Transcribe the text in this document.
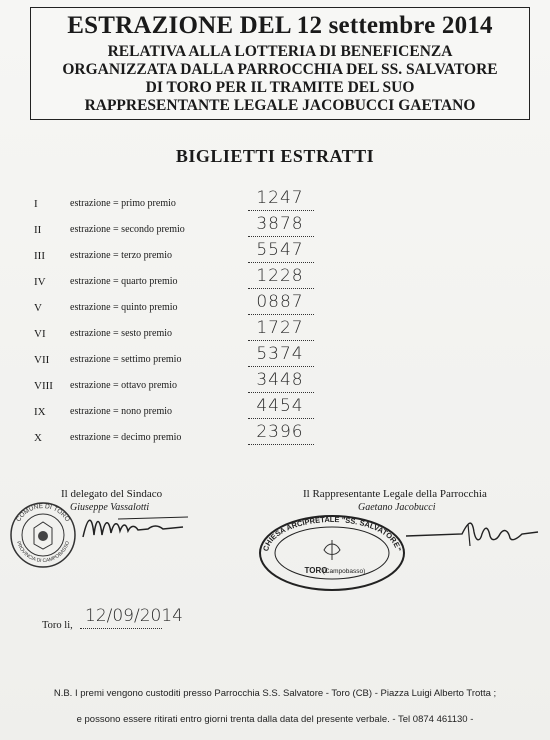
ESTRAZIONE DEL 12 settembre 2014
RELATIVA ALLA LOTTERIA DI BENEFICENZA
ORGANIZZATA DALLA PARROCCHIA DEL SS. SALVATORE
DI TORO PER IL TRAMITE DEL SUO
RAPPRESENTANTE LEGALE JACOBUCCI GAETANO
BIGLIETTI ESTRATTI
I	estrazione = primo premio	1247
II	estrazione = secondo premio	3878
III	estrazione = terzo premio	5547
IV estrazione = quarto premio	1228
V	estrazione = quinto premio	0887
VI estrazione = sesto premio	1727
VII estrazione = settimo premio	5374
VIII estrazione = ottavo premio	3448
IX estrazione = nono premio	4454
X	estrazione = decimo premio	2396
Il delegato del Sindaco
Giuseppe Vassalotti
COMUNE DI TORO
PROVINCIA DI CAMPOBASSO
Il Rappresentante Legale della Parrocchia
Gaetano Jacobucci
CHIESA ARCIPRETALE "SS. SALVATORE"
TORO
(Campobasso)
Toro li, 12/09/2014
N.B. I premi vengono custoditi presso Parrocchia S.S. Salvatore - Toro (CB) - Piazza Luigi Alberto Trotta ;
e possono essere ritirati entro giorni trenta dalla data del presente verbale. - Tel 0874 461130 -
